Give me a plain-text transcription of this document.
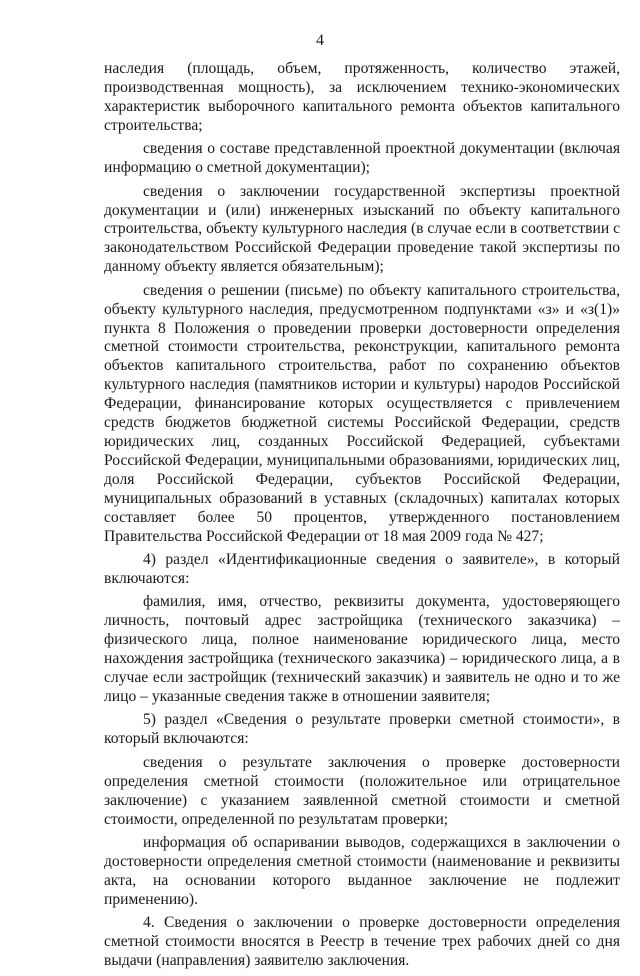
4

наследия (площадь, объем, протяженность, количество этажей, производственная мощность), за исключением технико-экономических характеристик выборочного капитального ремонта объектов капитального строительства;

сведения о составе представленной проектной документации (включая информацию о сметной документации);

сведения о заключении государственной экспертизы проектной документации и (или) инженерных изысканий по объекту капитального строительства, объекту культурного наследия (в случае если в соответствии с законодательством Российской Федерации проведение такой экспертизы по данному объекту является обязательным);

сведения о решении (письме) по объекту капитального строительства, объекту культурного наследия, предусмотренном подпунктами «з» и «з(1)» пункта 8 Положения о проведении проверки достоверности определения сметной стоимости строительства, реконструкции, капитального ремонта объектов капитального строительства, работ по сохранению объектов культурного наследия (памятников истории и культуры) народов Российской Федерации, финансирование которых осуществляется с привлечением средств бюджетов бюджетной системы Российской Федерации, средств юридических лиц, созданных Российской Федерацией, субъектами Российской Федерации, муниципальными образованиями, юридических лиц, доля Российской Федерации, субъектов Российской Федерации, муниципальных образований в уставных (складочных) капиталах которых составляет более 50 процентов, утвержденного постановлением Правительства Российской Федерации от 18 мая 2009 года № 427;

4) раздел «Идентификационные сведения о заявителе», в который включаются:

фамилия, имя, отчество, реквизиты документа, удостоверяющего личность, почтовый адрес застройщика (технического заказчика) – физического лица, полное наименование юридического лица, место нахождения застройщика (технического заказчика) – юридического лица, а в случае если застройщик (технический заказчик) и заявитель не одно и то же лицо – указанные сведения также в отношении заявителя;

5) раздел «Сведения о результате проверки сметной стоимости», в который включаются:

сведения о результате заключения о проверке достоверности определения сметной стоимости (положительное или отрицательное заключение) с указанием заявленной сметной стоимости и сметной стоимости, определенной по результатам проверки;

информация об оспаривании выводов, содержащихся в заключении о достоверности определения сметной стоимости (наименование и реквизиты акта, на основании которого выданное заключение не подлежит применению).

4. Сведения о заключении о проверке достоверности определения сметной стоимости вносятся в Реестр в течение трех рабочих дней со дня выдачи (направления) заявителю заключения.
